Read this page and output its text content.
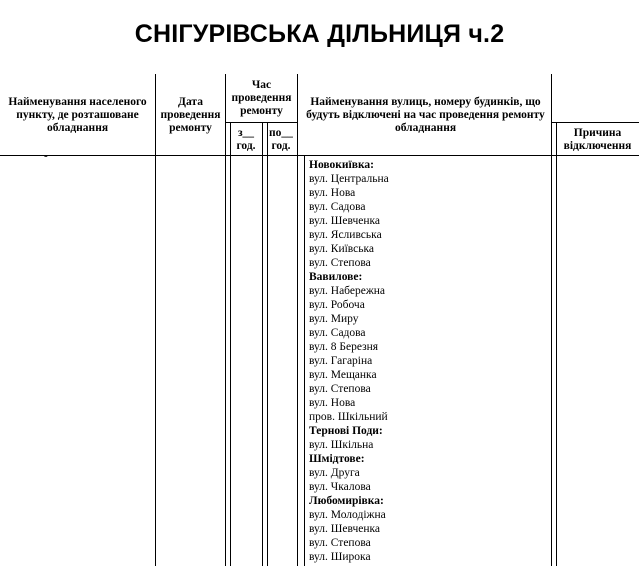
СНІГУРІВСЬКА ДІЛЬНИЦЯ ч.2
Найменування населеного пункту, де розташоване обладнання
Дата проведення ремонту
Час проведення ремонту
з__ год.
по__ год.
Найменування вулиць, номеру будинків, що будуть відключені на час проведення ремонту обладнання	Причина відключення
-
Новокиївка:
вул. Центральна
вул. Нова
вул. Садова
вул. Шевченка
вул. Ясливська
вул. Київська
вул. Степова
Вавилове:
вул. Набережна
вул. Робоча
вул. Миру
вул. Садова
вул. 8 Березня
вул. Гагаріна
вул. Мещанка
вул. Степова
вул. Нова
пров. Шкільний
Тернові Поди:
вул. Шкільна
Шмідтове:
вул. Друга
вул. Чкалова
Любомирівка:
вул. Молодіжна
вул. Шевченка
вул. Степова
вул. Широка
